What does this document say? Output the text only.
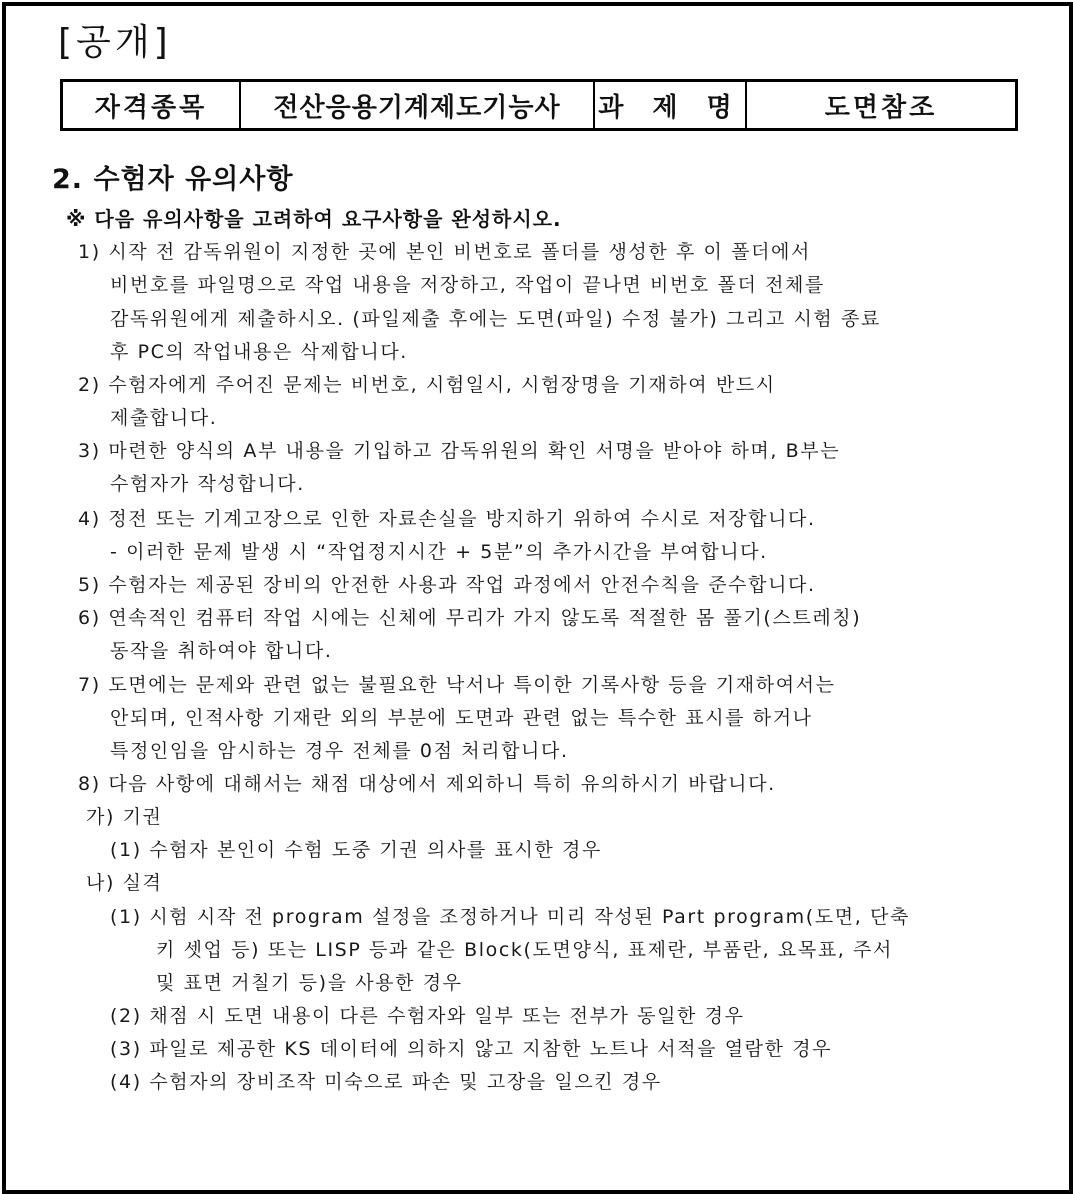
[공개]
자격종목	전산응용기계제도기능사	과 제 명	도면참조
2. 수험자 유의사항
※ 다음 유의사항을 고려하여 요구사항을 완성하시오.
1) 시작 전 감독위원이 지정한 곳에 본인 비번호로 폴더를 생성한 후 이 폴더에서
비번호를 파일명으로 작업 내용을 저장하고, 작업이 끝나면 비번호 폴더 전체를
감독위원에게 제출하시오. (파일제출 후에는 도면(파일) 수정 불가) 그리고 시험 종료
후 PC의 작업내용은 삭제합니다.
2) 수험자에게 주어진 문제는 비번호, 시험일시, 시험장명을 기재하여 반드시
제출합니다.
3) 마련한 양식의 A부 내용을 기입하고 감독위원의 확인 서명을 받아야 하며, B부는
수험자가 작성합니다.
4) 정전 또는 기계고장으로 인한 자료손실을 방지하기 위하여 수시로 저장합니다.
- 이러한 문제 발생 시 “작업정지시간 + 5분”의 추가시간을 부여합니다.
5) 수험자는 제공된 장비의 안전한 사용과 작업 과정에서 안전수칙을 준수합니다.
6) 연속적인 컴퓨터 작업 시에는 신체에 무리가 가지 않도록 적절한 몸 풀기(스트레칭)
동작을 취하여야 합니다.
7) 도면에는 문제와 관련 없는 불필요한 낙서나 특이한 기록사항 등을 기재하여서는
안되며, 인적사항 기재란 외의 부분에 도면과 관련 없는 특수한 표시를 하거나
특정인임을 암시하는 경우 전체를 0점 처리합니다.
8) 다음 사항에 대해서는 채점 대상에서 제외하니 특히 유의하시기 바랍니다.
가) 기권
(1) 수험자 본인이 수험 도중 기권 의사를 표시한 경우
나) 실격
(1) 시험 시작 전 program 설정을 조정하거나 미리 작성된 Part program(도면, 단축
키 셋업 등) 또는 LISP 등과 같은 Block(도면양식, 표제란, 부품란, 요목표, 주서
및 표면 거칠기 등)을 사용한 경우
(2) 채점 시 도면 내용이 다른 수험자와 일부 또는 전부가 동일한 경우
(3) 파일로 제공한 KS 데이터에 의하지 않고 지참한 노트나 서적을 열람한 경우
(4) 수험자의 장비조작 미숙으로 파손 및 고장을 일으킨 경우
